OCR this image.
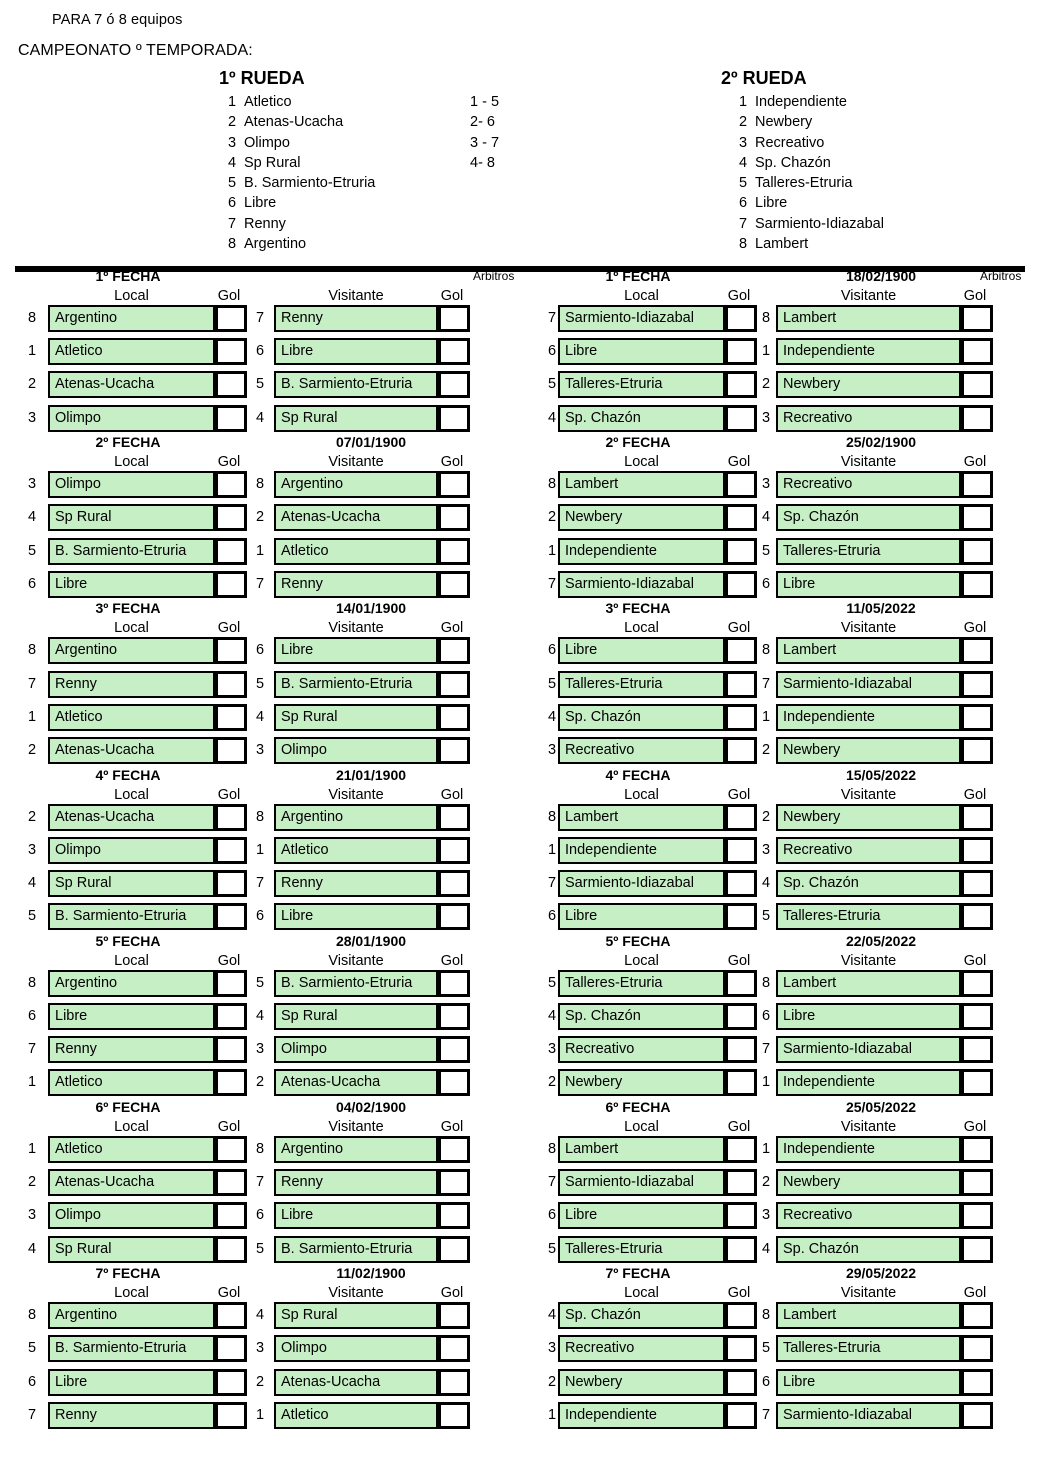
PARA 7 ó 8 equipos
CAMPEONATO º TEMPORADA:
1º RUEDA	2º RUEDA
1 Atletico
2 Atenas-Ucacha
3 Olimpo
4 Sp Rural
5 B. Sarmiento-Etruria
6 Libre
7 Renny
8 Argentino
1 Independiente
2 Newbery
3 Recreativo
4 Sp. Chazón
5 Talleres-Etruria
6 Libre
7 Sarmiento-Idiazabal
8 Lambert
1 - 5
2- 6
3 - 7
4- 8
1º FECHA	Arbitros
Local	Gol	Visitante	Gol
8	Argentino	7	Renny
1	Atletico	6	Libre
2	Atenas-Ucacha	5	B. Sarmiento-Etruria
3	Olimpo	4	Sp Rural
2º FECHA	07/01/1900
Local	Gol	Visitante	Gol
3	Olimpo	8	Argentino
4	Sp Rural	2	Atenas-Ucacha
5	B. Sarmiento-Etruria	1	Atletico
6	Libre	7	Renny
3º FECHA	14/01/1900
Local	Gol	Visitante	Gol
8	Argentino	6	Libre
7	Renny	5	B. Sarmiento-Etruria
1	Atletico	4	Sp Rural
2	Atenas-Ucacha	3	Olimpo
4º FECHA	21/01/1900
Local	Gol	Visitante	Gol
2	Atenas-Ucacha	8	Argentino
3	Olimpo	1	Atletico
4	Sp Rural	7	Renny
5	B. Sarmiento-Etruria	6	Libre
5º FECHA	28/01/1900
Local	Gol	Visitante	Gol
8	Argentino	5	B. Sarmiento-Etruria
6	Libre	4	Sp Rural
7	Renny	3	Olimpo
1	Atletico	2	Atenas-Ucacha
6º FECHA	04/02/1900
Local	Gol	Visitante	Gol
1	Atletico	8	Argentino
2	Atenas-Ucacha	7	Renny
3	Olimpo	6	Libre
4	Sp Rural	5	B. Sarmiento-Etruria
7º FECHA	11/02/1900
Local	Gol	Visitante	Gol
8	Argentino	4	Sp Rural
5	B. Sarmiento-Etruria	3	Olimpo
6	Libre	2	Atenas-Ucacha
7	Renny	1	Atletico
1º FECHA	18/02/1900	Arbitros
Local	Gol	Visitante	Gol
7 Sarmiento-Idiazabal	8 Lambert
6 Libre	1 Independiente
5 Talleres-Etruria	2 Newbery
4 Sp. Chazón	3 Recreativo
2º FECHA	25/02/1900
Local	Gol	Visitante	Gol
8 Lambert	3 Recreativo
2 Newbery	4 Sp. Chazón
1 Independiente	5 Talleres-Etruria
7 Sarmiento-Idiazabal	6 Libre
3º FECHA	11/05/2022
Local	Gol	Visitante	Gol
6 Libre	8 Lambert
5 Talleres-Etruria	7 Sarmiento-Idiazabal
4 Sp. Chazón	1 Independiente
3 Recreativo	2 Newbery
4º FECHA	15/05/2022
Local	Gol	Visitante	Gol
8 Lambert	2 Newbery
1 Independiente	3 Recreativo
7 Sarmiento-Idiazabal	4 Sp. Chazón
6 Libre	5 Talleres-Etruria
5º FECHA	22/05/2022
Local	Gol	Visitante	Gol
5 Talleres-Etruria	8 Lambert
4 Sp. Chazón	6 Libre
3 Recreativo	7 Sarmiento-Idiazabal
2 Newbery	1 Independiente
6º FECHA	25/05/2022
Local	Gol	Visitante	Gol
8 Lambert	1 Independiente
7 Sarmiento-Idiazabal	2 Newbery
6 Libre	3 Recreativo
5 Talleres-Etruria	4 Sp. Chazón
7º FECHA	29/05/2022
Local	Gol	Visitante	Gol
4 Sp. Chazón	8 Lambert
3 Recreativo	5 Talleres-Etruria
2 Newbery	6 Libre
1 Independiente	7 Sarmiento-Idiazabal
